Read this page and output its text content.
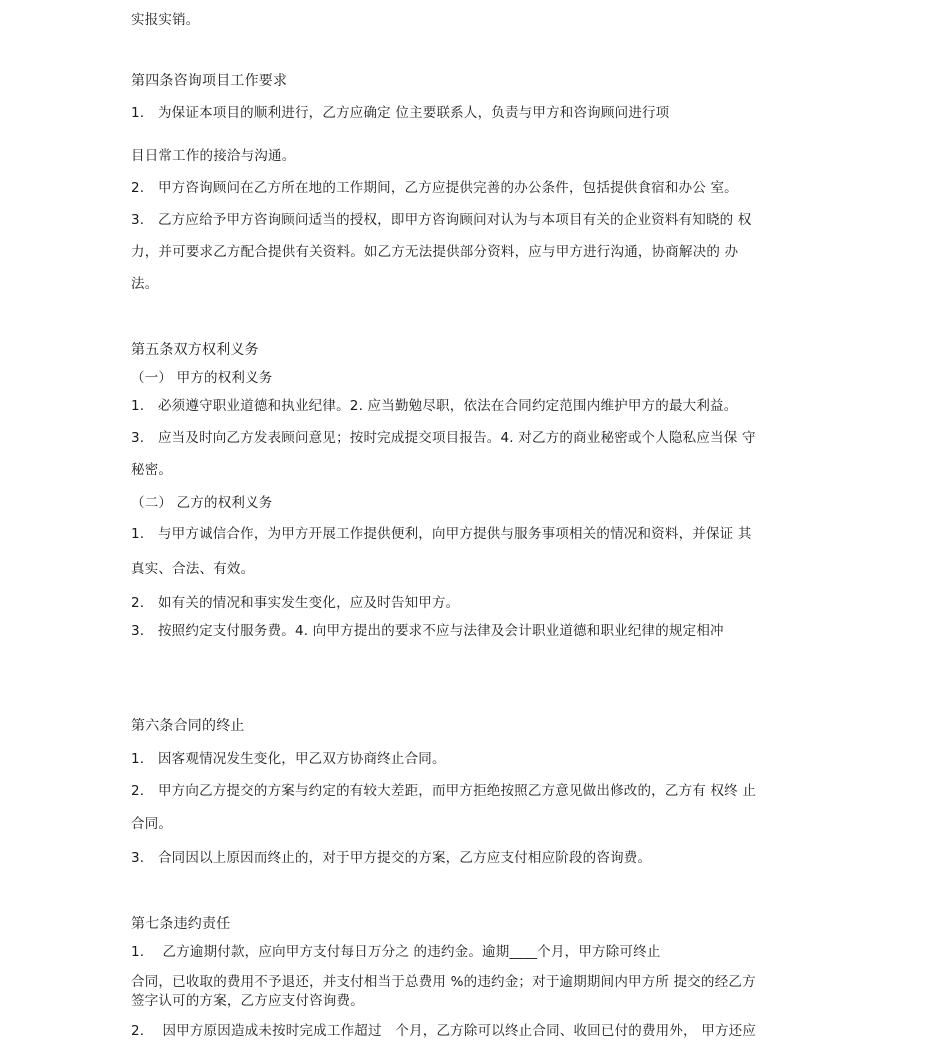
实报实销。
第四条咨询项目工作要求
1.　为保证本项目的顺利进行，乙方应确定 位主要联系人，负责与甲方和咨询顾问进行项
目日常工作的接洽与沟通。
2.　甲方咨询顾问在乙方所在地的工作期间，乙方应提供完善的办公条件，包括提供食宿和办公 室。
3.　乙方应给予甲方咨询顾问适当的授权，即甲方咨询顾问对认为与本项目有关的企业资料有知晓的 权
力，并可要求乙方配合提供有关资料。如乙方无法提供部分资料，应与甲方进行沟通，协商解决的 办
法。
第五条双方权利义务
（一） 甲方的权利义务
1.　必须遵守职业道德和执业纪律。2. 应当勤勉尽职，依法在合同约定范围内维护甲方的最大利益。
3.　应当及时向乙方发表顾问意见；按时完成提交项目报告。4. 对乙方的商业秘密或个人隐私应当保 守
秘密。
（二） 乙方的权利义务
1.　与甲方诚信合作，为甲方开展工作提供便利，向甲方提供与服务事项相关的情况和资料，并保证 其
真实、合法、有效。
2.　如有关的情况和事实发生变化，应及时告知甲方。
3.　按照约定支付服务费。4. 向甲方提出的要求不应与法律及会计职业道德和职业纪律的规定相冲
第六条合同的终止
1.　因客观情况发生变化，甲乙双方协商终止合同。
2.　甲方向乙方提交的方案与约定的有较大差距，而甲方拒绝按照乙方意见做出修改的，乙方有 权终 止
合同。
3.　合同因以上原因而终止的，对于甲方提交的方案，乙方应支付相应阶段的咨询费。
第七条违约责任
1.　 乙方逾期付款，应向甲方支付每日万分之 的违约金。逾期____个月，甲方除可终止
合同，已收取的费用不予退还，并支付相当于总费用 %的违约金；对于逾期期间内甲方所 提交的经乙方
签字认可的方案，乙方应支付咨询费。
2.　 因甲方原因造成未按时完成工作超过　个月，乙方除可以终止合同、收回已付的费用外， 甲方还应
